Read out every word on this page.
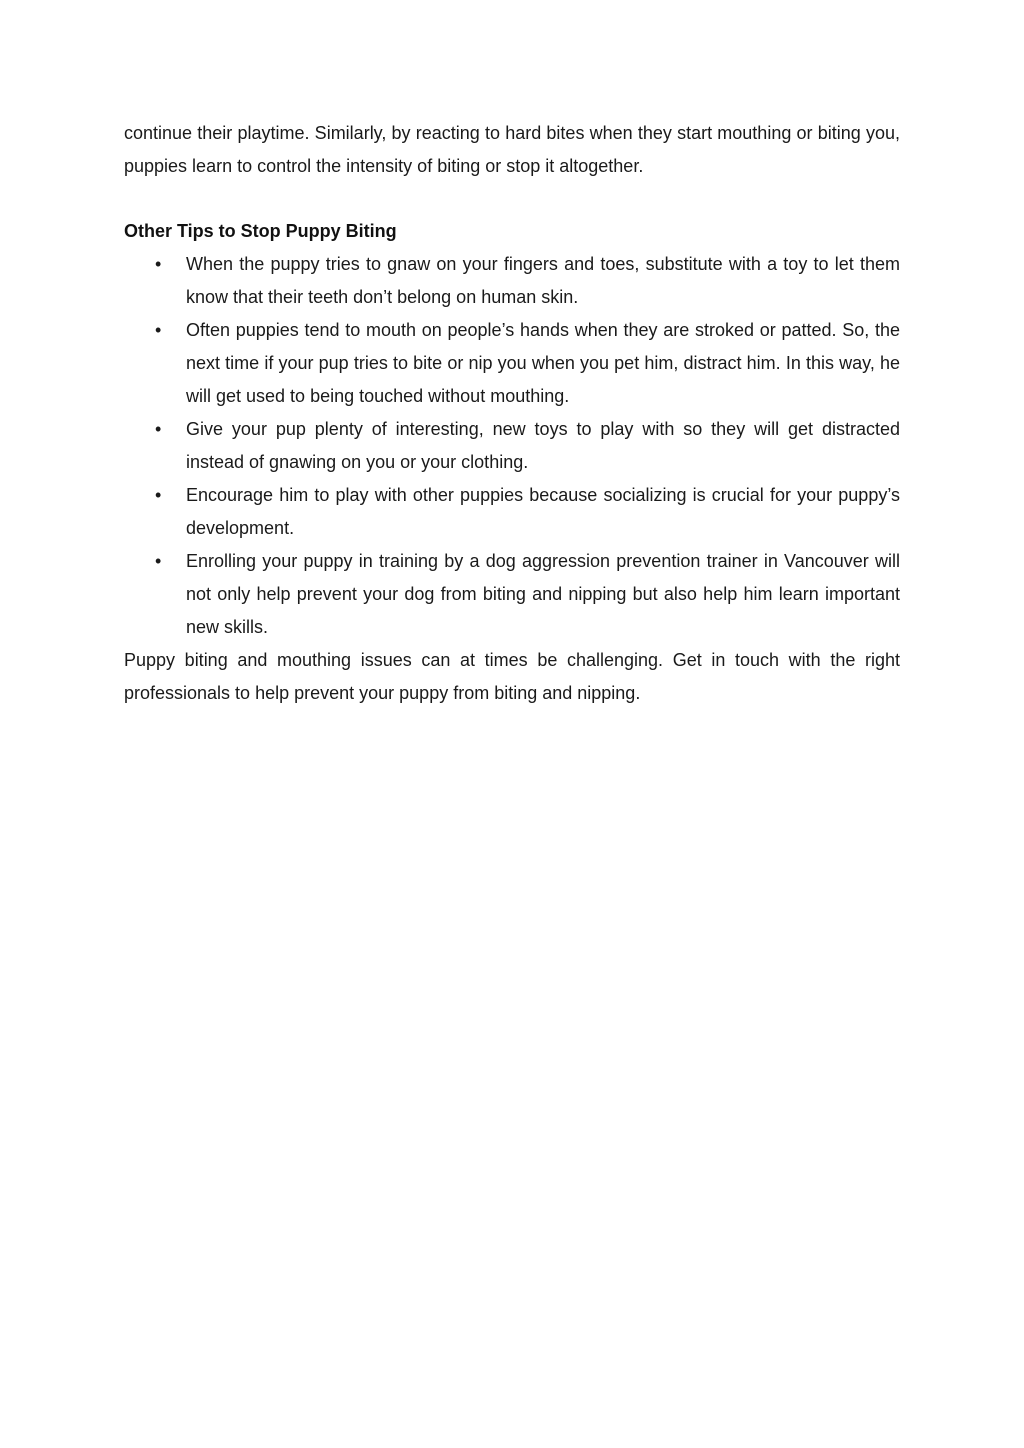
continue their playtime. Similarly, by reacting to hard bites when they start mouthing or biting you, puppies learn to control the intensity of biting or stop it altogether.

Other Tips to Stop Puppy Biting
•	When the puppy tries to gnaw on your fingers and toes, substitute with a toy to let them know that their teeth don’t belong on human skin.
•	Often puppies tend to mouth on people’s hands when they are stroked or patted. So, the next time if your pup tries to bite or nip you when you pet him, distract him. In this way, he will get used to being touched without mouthing.
•	Give your pup plenty of interesting, new toys to play with so they will get distracted instead of gnawing on you or your clothing.
•	Encourage him to play with other puppies because socializing is crucial for your puppy’s development.
•	Enrolling your puppy in training by a dog aggression prevention trainer in Vancouver will not only help prevent your dog from biting and nipping but also help him learn important new skills.

Puppy biting and mouthing issues can at times be challenging. Get in touch with the right professionals to help prevent your puppy from biting and nipping.
